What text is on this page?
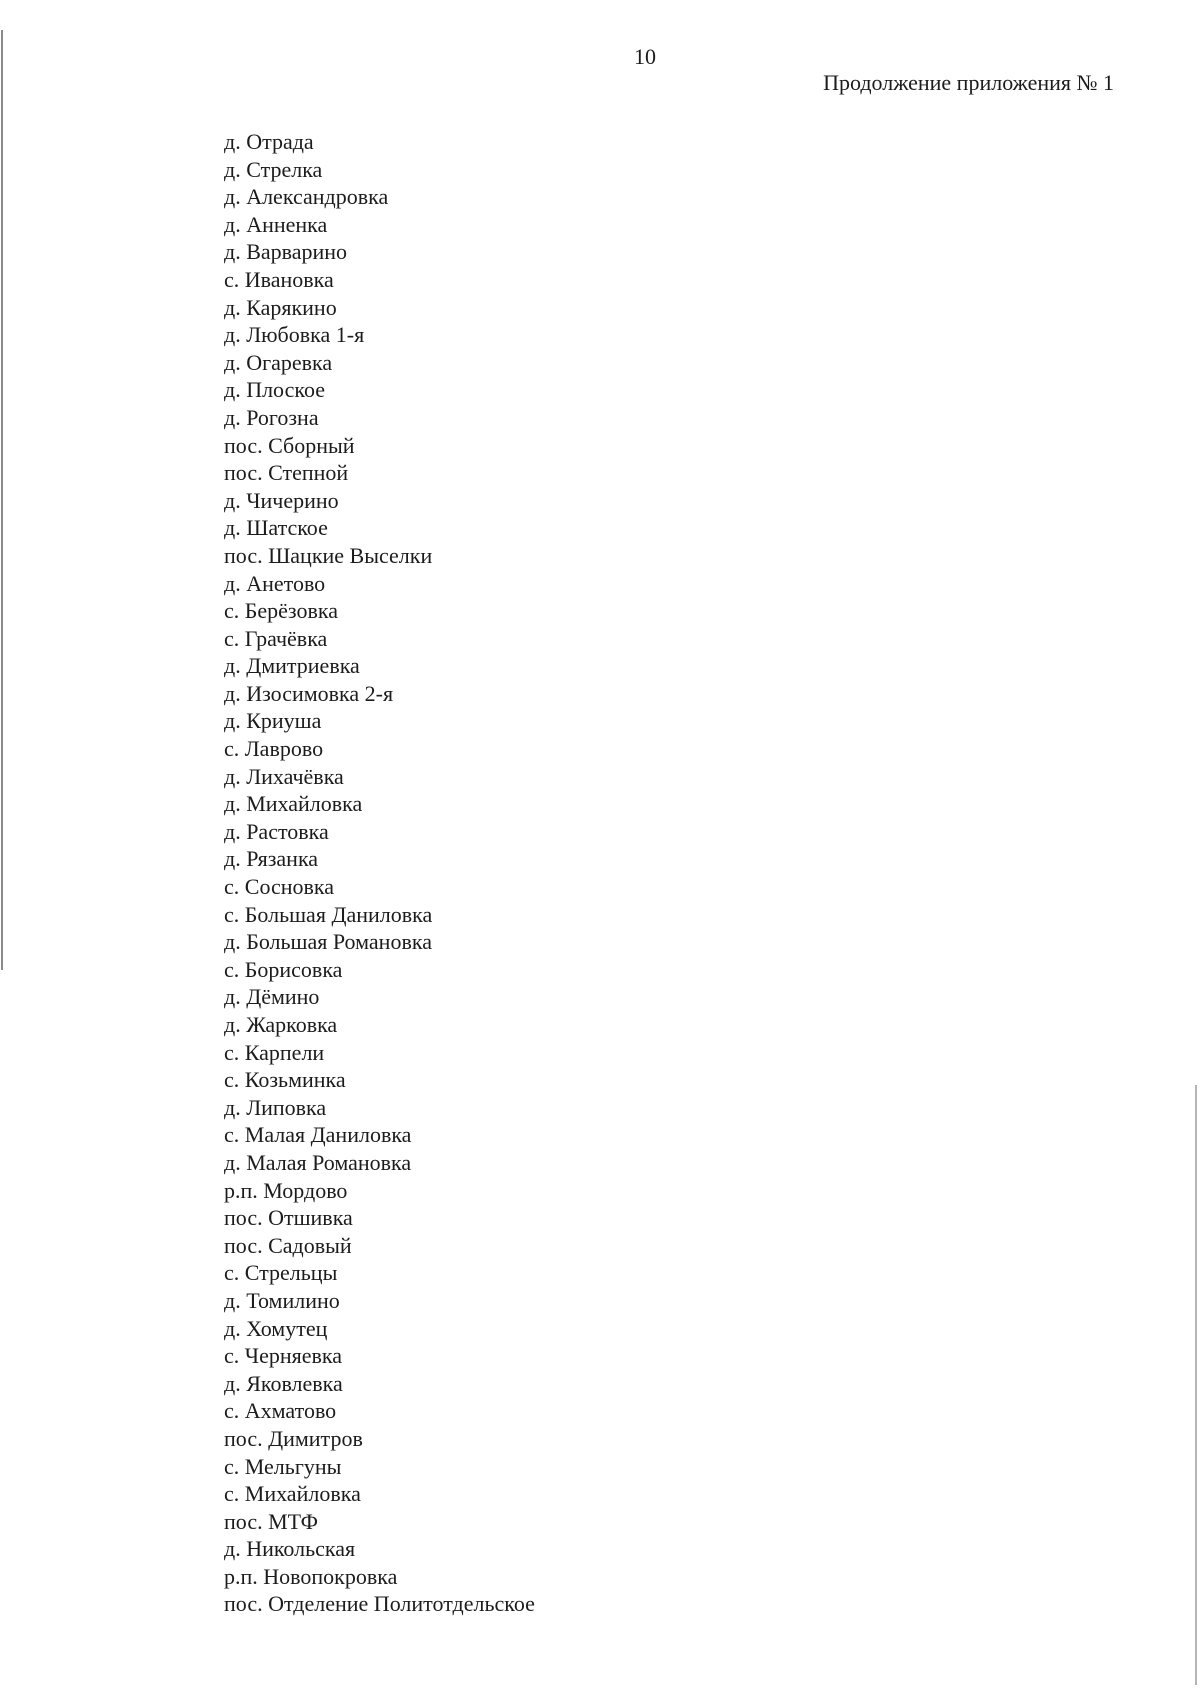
10
Продолжение приложения № 1
д. Отрада
д. Стрелка
д. Александровка
д. Анненка
д. Варварино
с. Ивановка
д. Карякино
д. Любовка 1-я
д. Огаревка
д. Плоское
д. Рогозна
пос. Сборный
пос. Степной
д. Чичерино
д. Шатское
пос. Шацкие Выселки
д. Анетово
с. Берёзовка
с. Грачёвка
д. Дмитриевка
д. Изосимовка 2-я
д. Криуша
с. Лаврово
д. Лихачёвка
д. Михайловка
д. Растовка
д. Рязанка
с. Сосновка
с. Большая Даниловка
д. Большая Романовка
с. Борисовка
д. Дёмино
д. Жарковка
с. Карпели
с. Козьминка
д. Липовка
с. Малая Даниловка
д. Малая Романовка
р.п. Мордово
пос. Отшивка
пос. Садовый
с. Стрельцы
д. Томилино
д. Хомутец
с. Черняевка
д. Яковлевка
с. Ахматово
пос. Димитров
с. Мельгуны
с. Михайловка
пос. МТФ
д. Никольская
р.п. Новопокровка
пос. Отделение Политотдельское
